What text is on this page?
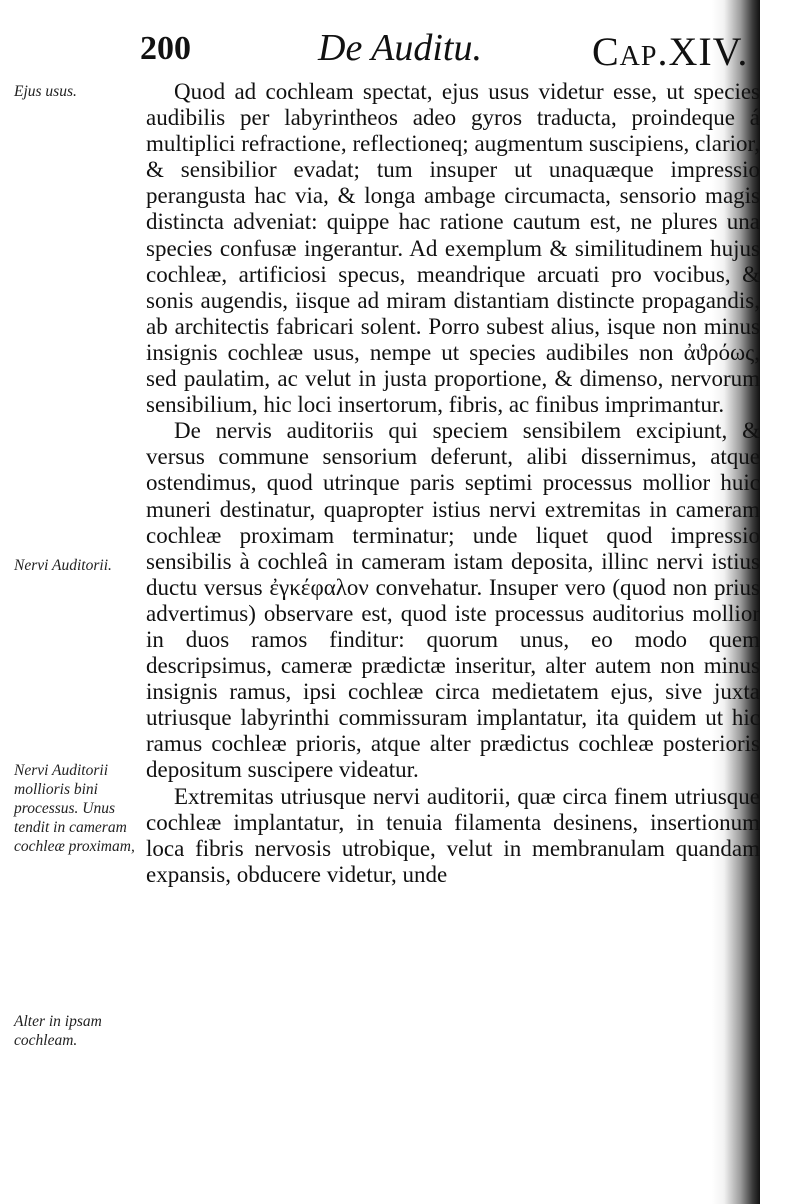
200	De Auditu.	Cap.XIV.
Ejus usus.
Nervi Auditorii.
Nervi Auditorii mollioris bini processus. Unus tendit in cameram cochleæ proximam,
Alter in ipsam cochleam.

Quod ad cochleam spectat, ejus usus videtur esse, ut species audibilis per labyrintheos adeo gyros traducta, proindeque á multiplici refractione, reflectioneq; augmentum suscipiens, clarior, & sensibilior evadat; tum insuper ut unaquæque impressio perangusta hac via, & longa ambage circumacta, sensorio magis distincta adveniat: quippe hac ratione cautum est, ne plures una species confusæ ingerantur. Ad exemplum & similitudinem hujus cochleæ, artificiosi specus, meandrique arcuati pro vocibus, & sonis augendis, iisque ad miram distantiam distincte propagandis, ab architectis fabricari solent. Porro subest alius, isque non minus insignis cochleæ usus, nempe ut species audibiles non ἀϑρόως, sed paulatim, ac velut in justa proportione, & dimenso, nervorum sensibilium, hic loci insertorum, fibris, ac finibus imprimantur.

De nervis auditoriis qui speciem sensibilem excipiunt, & versus commune sensorium deferunt, alibi dissernimus, atque ostendimus, quod utrinque paris septimi processus mollior huic muneri destinatur, quapropter istius nervi extremitas in cameram cochleæ proximam terminatur; unde liquet quod impressio sensibilis à cochleâ in cameram istam deposita, illinc nervi istius ductu versus ἐγκέφαλον convehatur. Insuper vero (quod non prius advertimus) observare est, quod iste processus auditorius mollior in duos ramos finditur: quorum unus, eo modo quem descripsimus, cameræ prædictæ inseritur, alter autem non minus insignis ramus, ipsi cochleæ circa medietatem ejus, sive juxta utriusque labyrinthi commissuram implantatur, ita quidem ut hic ramus cochleæ prioris, atque alter prædictus cochleæ posterioris depositum suscipere videatur.

Extremitas utriusque nervi auditorii, quæ circa finem utriusque cochleæ implantatur, in tenuia filamenta desinens, insertionum loca fibris nervosis utrobique, velut in membranulam quandam expansis, obducere videtur, unde
